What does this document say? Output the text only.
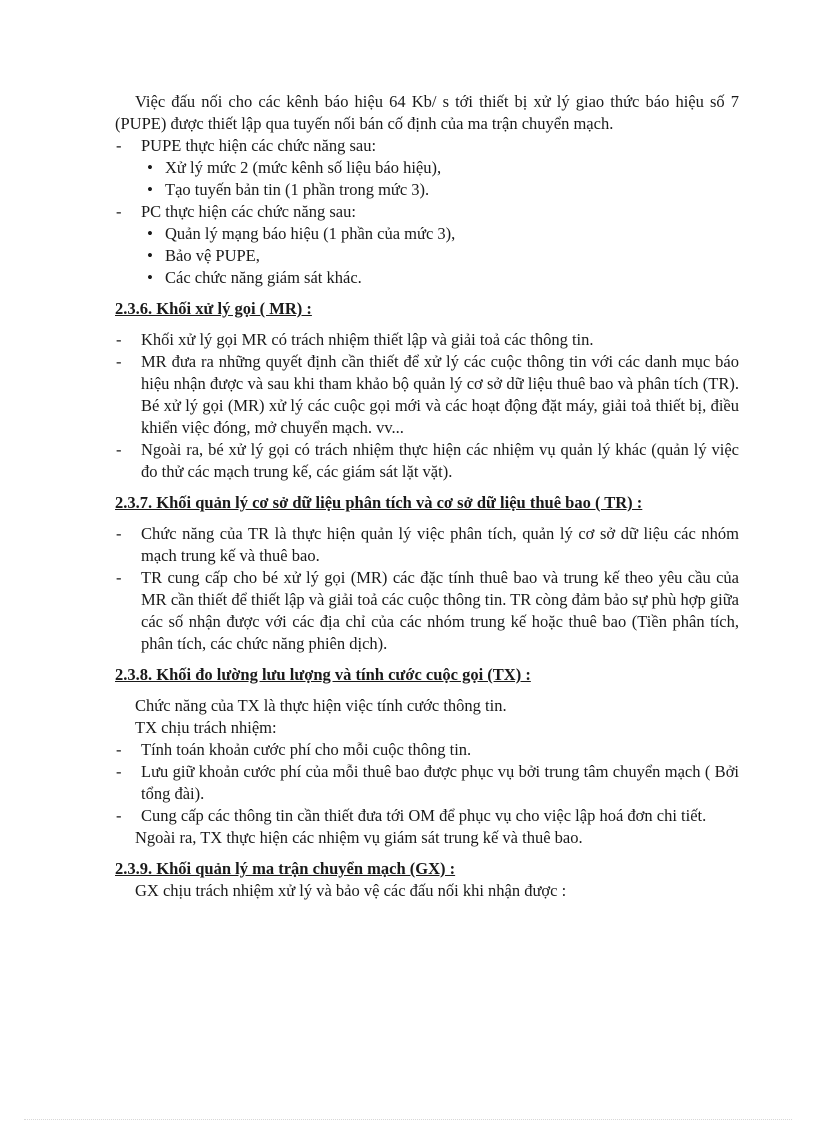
Việc đấu nối cho các kênh báo hiệu 64 Kb/ s tới thiết bị xử lý giao thức báo hiệu số 7 (PUPE) được thiết lập qua tuyến nối bán cố định của ma trận chuyển mạch.

- PUPE thực hiện các chức năng sau:
• Xử lý mức 2 (mức kênh số liệu báo hiệu),
• Tạo tuyến bản tin (1 phần trong mức 3).
- PC thực hiện các chức năng sau:
• Quản lý mạng báo hiệu (1 phần của mức 3),
• Bảo vệ PUPE,
• Các chức năng giám sát khác.

2.3.6. Khối xử lý gọi ( MR) :

- Khối xử lý gọi MR có trách nhiệm thiết lập và giải toả các thông tin.
- MR đưa ra những quyết định cần thiết để xử lý các cuộc thông tin với các danh mục báo hiệu nhận được và sau khi tham khảo bộ quản lý cơ sở dữ liệu thuê bao và phân tích (TR). Bé xử lý gọi (MR) xử lý các cuộc gọi mới và các hoạt động đặt máy, giải toả thiết bị, điều khiển việc đóng, mở chuyển mạch. vv...
- Ngoài ra, bé xử lý gọi có trách nhiệm thực hiện các nhiệm vụ quản lý khác (quản lý việc đo thử các mạch trung kế, các giám sát lặt vặt).

2.3.7. Khối quản lý cơ sở dữ liệu phân tích và cơ sở dữ liệu thuê bao ( TR) :

- Chức năng của TR là thực hiện quản lý việc phân tích, quản lý cơ sở dữ liệu các nhóm mạch trung kế và thuê bao.
- TR cung cấp cho bé xử lý gọi (MR) các đặc tính thuê bao và trung kế theo yêu cầu của MR cần thiết để thiết lập và giải toả các cuộc thông tin. TR còng đảm bảo sự phù hợp giữa các số nhận được với các địa chỉ của các nhóm trung kế hoặc thuê bao (Tiền phân tích, phân tích, các chức năng phiên dịch).

2.3.8. Khối đo lường lưu lượng và tính cước cuộc gọi (TX) :

Chức năng của TX là thực hiện việc tính cước thông tin.

TX chịu trách nhiệm:

- Tính toán khoản cước phí cho mỗi cuộc thông tin.
- Lưu giữ khoản cước phí của mỗi thuê bao được phục vụ bởi trung tâm chuyển mạch ( Bởi tổng đài).
- Cung cấp các thông tin cần thiết đưa tới OM để phục vụ cho việc lập hoá đơn chi tiết.

Ngoài ra, TX thực hiện các nhiệm vụ giám sát trung kế và thuê bao.

2.3.9. Khối quản lý ma trận chuyển mạch (GX) :

GX chịu trách nhiệm xử lý và bảo vệ các đấu nối khi nhận được :
